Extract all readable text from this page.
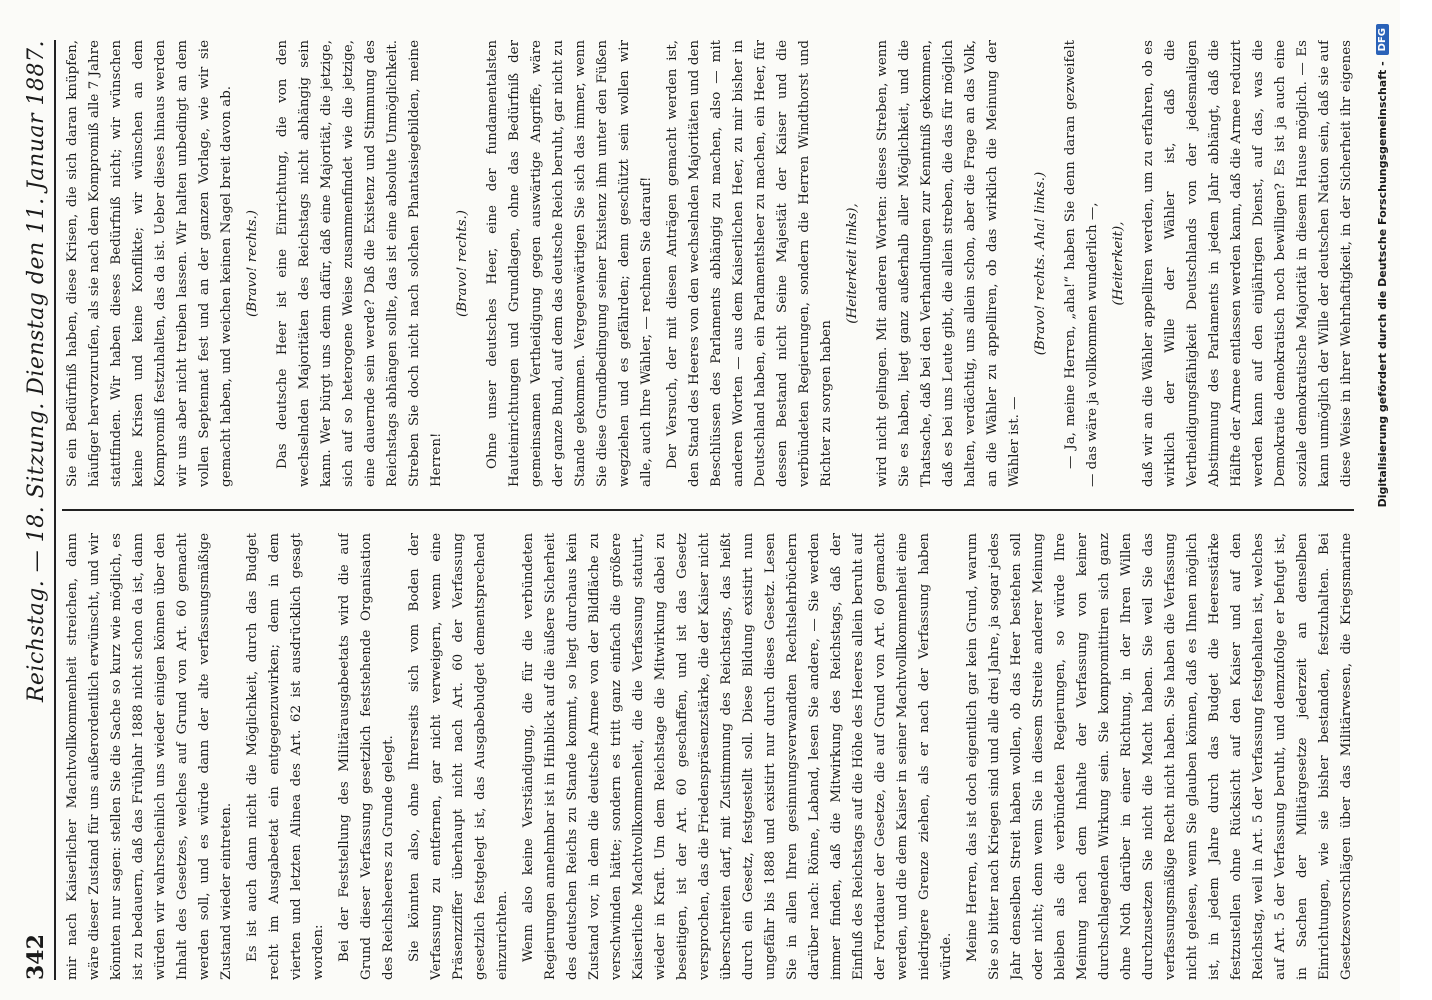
342
Reichstag. — 18. Sitzung. Dienstag den 11. Januar 1887.

mir nach Kaiserlicher Machtvollkommenheit streichen, dann wäre dieser Zustand für uns außerordentlich erwünscht, und wir könnten nur sagen: stellen Sie die Sache so kurz wie möglich, es ist zu bedauern, daß das Frühjahr 1888 nicht schon da ist, dann würden wir wahrscheinlich uns wieder einigen können über den Inhalt des Gesetzes, welches auf Grund von Art. 60 gemacht werden soll, und es würde dann der alte verfassungsmäßige Zustand wieder eintreten. Es ist auch dann nicht die Möglichkeit, durch das Budget recht im Ausgabeetat ein entgegenzuwirken; denn in dem vierten und letzten Alinea des Art. 62 ist ausdrücklich gesagt worden: Bei der Feststellung des Militärausgabeetats wird die auf Grund dieser Verfassung gesetzlich feststehende Organisation des Reichsheeres zu Grunde gelegt. Sie könnten also, ohne Ihrerseits sich vom Boden der Verfassung zu entfernen, gar nicht verweigern, wenn eine Präsenzziffer überhaupt nicht nach Art. 60 der Verfassung gesetzlich festgelegt ist, das Ausgabebudget dementsprechend einzurichten. Wenn also keine Verständigung, die für die verbündeten Regierungen annehmbar ist in Hinblick auf die äußere Sicherheit des deutschen Reichs zu Stande kommt, so liegt durchaus kein Zustand vor, in dem die deutsche Armee von der Bildfläche zu verschwinden hätte; sondern es tritt ganz einfach die größere Kaiserliche Machtvollkommenheit, die die Verfassung statuirt, wieder in Kraft. Um dem Reichstage die Mitwirkung dabei zu beseitigen, ist der Art. 60 geschaffen, und ist das Gesetz versprochen, das die Friedenspräsenzstärke, die der Kaiser nicht überschreiten darf, mit Zustimmung des Reichstags, das heißt durch ein Gesetz, festgestellt soll. Diese Bildung existirt nun ungefähr bis 1888 und existirt nur durch dieses Gesetz. Lesen Sie in allen Ihren gesinnungsverwandten Rechtslehrbüchern darüber nach: Rönne, Laband, lesen Sie andere, — Sie werden immer finden, daß die Mitwirkung des Reichstags, daß der Einfluß des Reichstags auf die Höhe des Heeres allein beruht auf der Fortdauer der Gesetze, die auf Grund von Art. 60 gemacht werden, und die dem Kaiser in seiner Machtvollkommenheit eine niedrigere Grenze ziehen, als er nach der Verfassung haben würde. Meine Herren, das ist doch eigentlich gar kein Grund, warum Sie so bitter nach Kriegen sind und alle drei Jahre, ja sogar jedes Jahr denselben Streit haben wollen, ob das Heer bestehen soll oder nicht; denn wenn Sie in diesem Streite anderer Meinung bleiben als die verbündeten Regierungen, so würde Ihre Meinung nach dem Inhalte der Verfassung von keiner durchschlagenden Wirkung sein. Sie kompromittiren sich ganz ohne Noth darüber in einer Richtung, in der Ihren Willen durchzusetzen Sie nicht die Macht haben. Sie weil Sie das verfassungsmäßige Recht nicht haben. Sie haben die Verfassung nicht gelesen, wenn Sie glauben können, daß es Ihnen möglich ist, in jedem Jahre durch das Budget die Heeresstärke festzustellen ohne Rücksicht auf den Kaiser und auf den Reichstag, weil in Art. 5 der Verfassung festgehalten ist, welches auf Art. 5 der Verfassung beruht, und demzufolge er befugt ist, in Sachen der Militärgesetze jederzeit an denselben Einrichtungen, wie sie bisher bestanden, festzuhalten. Bei Gesetzesvorschlägen über das Militärwesen, die Kriegsmarine

Sie ein Bedürfniß haben, diese Krisen, die sich daran knüpfen, häufiger hervorzurufen, als sie nach dem Kompromiß alle 7 Jahre stattfinden. Wir haben dieses Bedürfniß nicht; wir wünschen keine Krisen und keine Konflikte; wir wünschen an dem Kompromiß festzuhalten, das da ist. Ueber dieses hinaus werden wir uns aber nicht treiben lassen. Wir halten unbedingt an dem vollen Septennat fest und an der ganzen Vorlage, wie wir sie gemacht haben, und weichen keinen Nagel breit davon ab. (Bravo! rechts.) Das deutsche Heer ist eine Einrichtung, die von den wechselnden Majoritäten des Reichstags nicht abhängig sein kann. Wer bürgt uns denn dafür, daß eine Majorität, die jetzige, sich auf so heterogene Weise zusammenfindet wie die jetzige, eine dauernde sein werde? Daß die Existenz und Stimmung des Reichstags abhängen sollte, das ist eine absolute Unmöglichkeit. Streben Sie doch nicht nach solchen Phantasiegebilden, meine Herren!

(Bravo! rechts.) Ohne unser deutsches Heer, eine der fundamentalsten Hauteinrichtungen und Grundlagen, ohne das Bedürfniß der gemeinsamen Vertheidigung gegen auswärtige Angriffe, wäre der ganze Bund, auf dem das deutsche Reich beruht, gar nicht zu Stande gekommen. Vergegenwärtigen Sie sich das immer, wenn Sie diese Grundbedingung seiner Existenz ihm unter den Füßen wegziehen und es gefährden; denn geschützt sein wollen wir alle, auch Ihre Wähler, — rechnen Sie darauf! Der Versuch, der mit diesen Anträgen gemacht werden ist, den Stand des Heeres von den wechselnden Majoritäten und den Beschlüssen des Parlaments abhängig zu machen, also — mit anderen Worten — aus dem Kaiserlichen Heer, zu mir bisher in Deutschland haben, ein Parlamentsheer zu machen, ein Heer, für dessen Bestand nicht Seine Majestät der Kaiser und die verbündeten Regierungen, sondern die Herren Windthorst und Richter zu sorgen haben

(Heiterkeit links), wird nicht gelingen. Mit anderen Worten: dieses Streben, wenn Sie es haben, liegt ganz außerhalb aller Möglichkeit, und die Thatsache, daß bei den Verhandlungen zur Kenntniß gekommen, daß es bei uns Leute gibt, die allein streben, die das für möglich halten, verdächtig, uns allein schon, aber die Frage an das Volk, an die Wähler zu appelliren, ob das wirklich die Meinung der Wähler ist. —

(Bravo! rechts. Aha! links.) — Ja, meine Herren, „aha!“ haben Sie denn daran gezweifelt — das wäre ja vollkommen wunderlich —, (Heiterkeit),

daß wir an die Wähler appelliren werden, um zu erfahren, ob es wirklich der Wille der Wähler ist, daß die Vertheidigungsfähigkeit Deutschlands von der jedesmaligen Abstimmung des Parlaments in jedem Jahr abhängt, daß die Hälfte der Armee entlassen werden kann, daß die Armee reduzirt werden kann auf den einjährigen Dienst, auf das, was die Demokratie demokratisch noch bewilligen? Es ist ja auch eine soziale demokratische Majorität in diesem Hause möglich. — Es kann unmöglich der Wille der deutschen Nation sein, daß sie auf diese Weise in ihrer Wehrhaftigkeit, in der Sicherheit ihr eigenes	Digitalisierung gefördert durch die Deutsche Forschungsgemeinschaft -
DFG
